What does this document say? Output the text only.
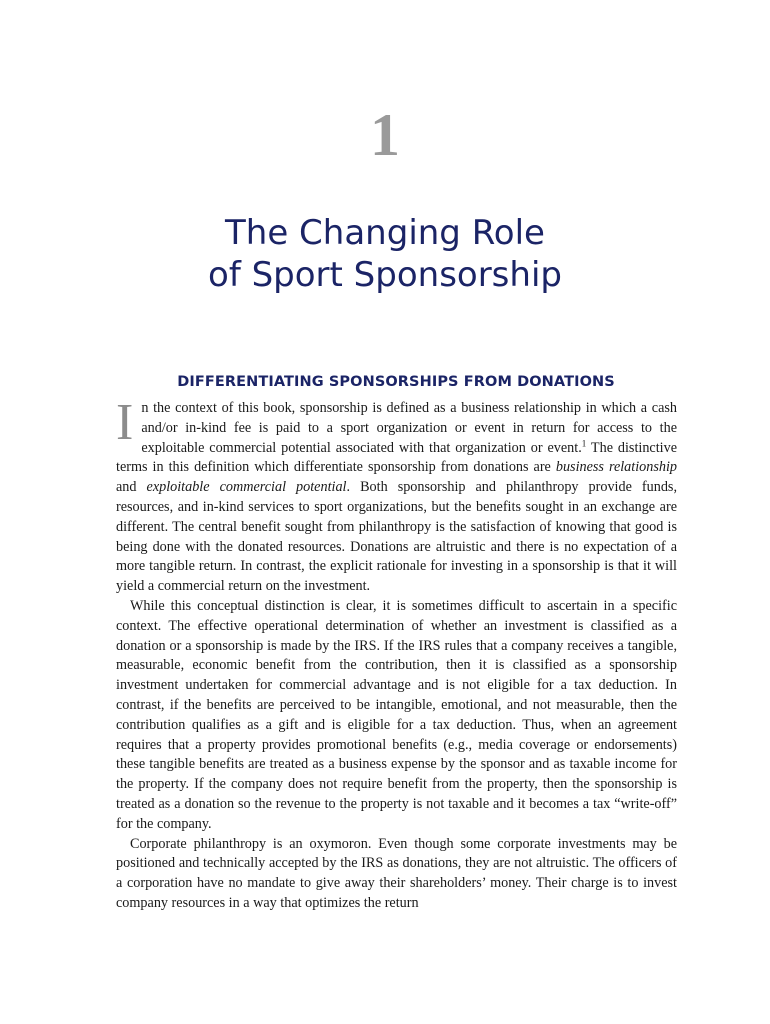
1
The Changing Role
of Sport Sponsorship
DIFFERENTIATING SPONSORSHIPS FROM DONATIONS

In the context of this book, sponsorship is defined as a business relationship in which a cash and/or in-kind fee is paid to a sport organization or event in return for access to the exploitable commercial potential associated with that organization or event.$^1$ The distinctive terms in this definition which differentiate sponsorship from donations are business relationship and exploitable commercial potential. Both sponsorship and philanthropy provide funds, resources, and in-kind services to sport organizations, but the benefits sought in an exchange are different. The central benefit sought from philanthropy is the satisfaction of knowing that good is being done with the donated resources. Donations are altruistic and there is no expectation of a more tangible return. In contrast, the explicit rationale for investing in a sponsorship is that it will yield a commercial return on the investment.

While this conceptual distinction is clear, it is sometimes difficult to ascertain in a specific context. The effective operational determination of whether an investment is classified as a donation or a sponsorship is made by the IRS. If the IRS rules that a company receives a tangible, measurable, economic benefit from the contribution, then it is classified as a sponsorship investment undertaken for commercial advantage and is not eligible for a tax deduction. In contrast, if the benefits are perceived to be intangible, emotional, and not measurable, then the contribution qualifies as a gift and is eligible for a tax deduction. Thus, when an agreement requires that a property provides promotional benefits (e.g., media coverage or endorsements) these tangible benefits are treated as a business expense by the sponsor and as taxable income for the property. If the company does not require benefit from the property, then the sponsorship is treated as a donation so the revenue to the property is not taxable and it becomes a tax “write-off” for the company.

Corporate philanthropy is an oxymoron. Even though some corporate investments may be positioned and technically accepted by the IRS as donations, they are not altruistic. The officers of a corporation have no mandate to give away their shareholders’ money. Their charge is to invest company resources in a way that optimizes the return
